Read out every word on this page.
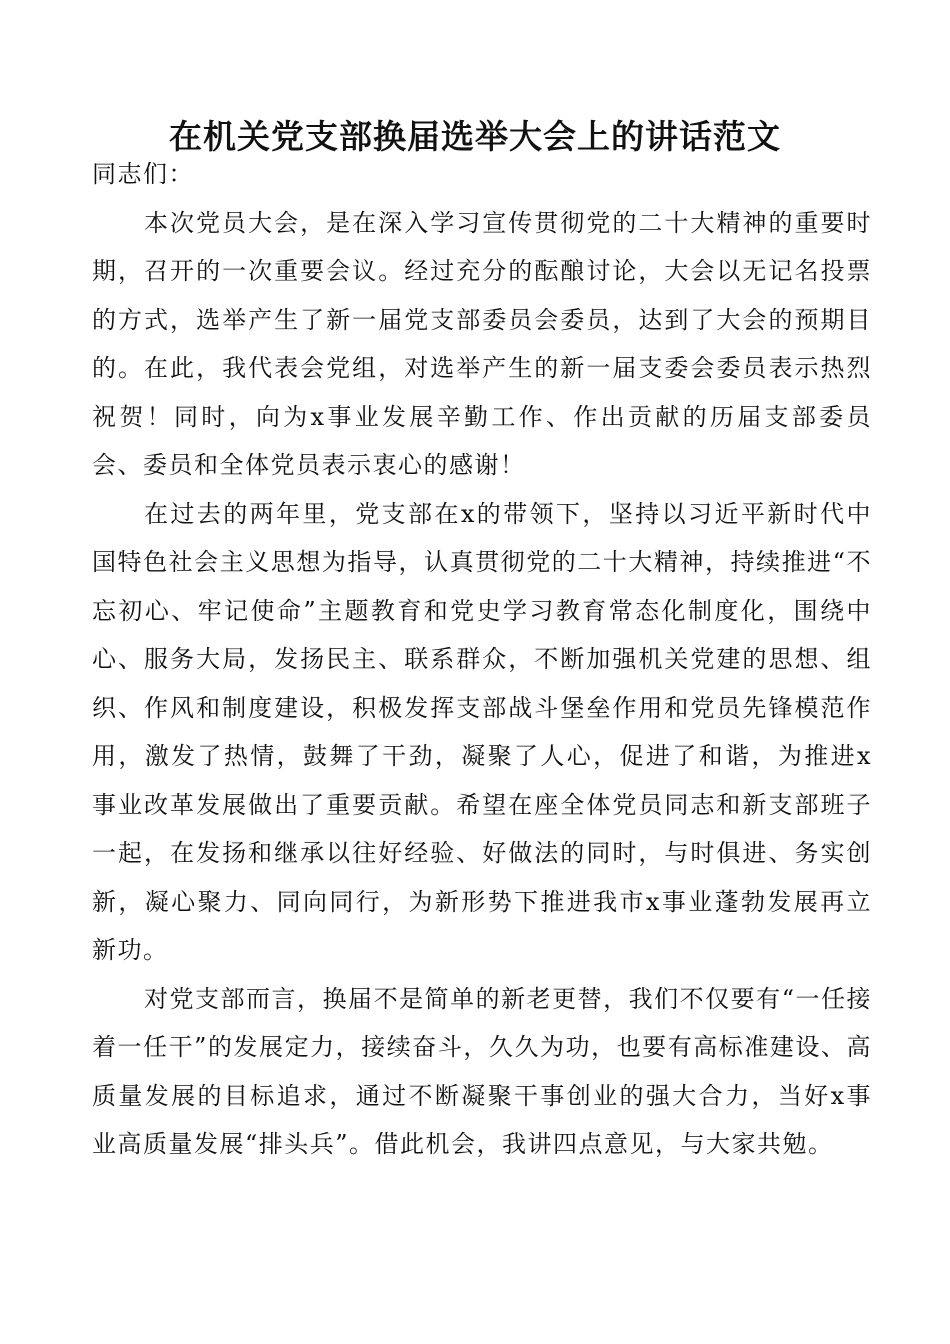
在机关党支部换届选举大会上的讲话范文

同志们：

本次党员大会，是在深入学习宣传贯彻党的二十大精神的重要时期，召开的一次重要会议。经过充分的酝酿讨论，大会以无记名投票的方式，选举产生了新一届党支部委员会委员，达到了大会的预期目的。在此，我代表会党组，对选举产生的新一届支委会委员表示热烈祝贺！同时，向为x事业发展辛勤工作、作出贡献的历届支部委员会、委员和全体党员表示衷心的感谢！

在过去的两年里，党支部在x的带领下，坚持以习近平新时代中国特色社会主义思想为指导，认真贯彻党的二十大精神，持续推进“不忘初心、牢记使命”主题教育和党史学习教育常态化制度化，围绕中心、服务大局，发扬民主、联系群众，不断加强机关党建的思想、组织、作风和制度建设，积极发挥支部战斗堡垒作用和党员先锋模范作用，激发了热情，鼓舞了干劲，凝聚了人心，促进了和谐，为推进x事业改革发展做出了重要贡献。希望在座全体党员同志和新支部班子一起，在发扬和继承以往好经验、好做法的同时，与时俱进、务实创新，凝心聚力、同向同行，为新形势下推进我市x事业蓬勃发展再立新功。

对党支部而言，换届不是简单的新老更替，我们不仅要有“一任接着一任干”的发展定力，接续奋斗，久久为功，也要有高标准建设、高质量发展的目标追求，通过不断凝聚干事创业的强大合力，当好x事业高质量发展“排头兵”。借此机会，我讲四点意见，与大家共勉。
